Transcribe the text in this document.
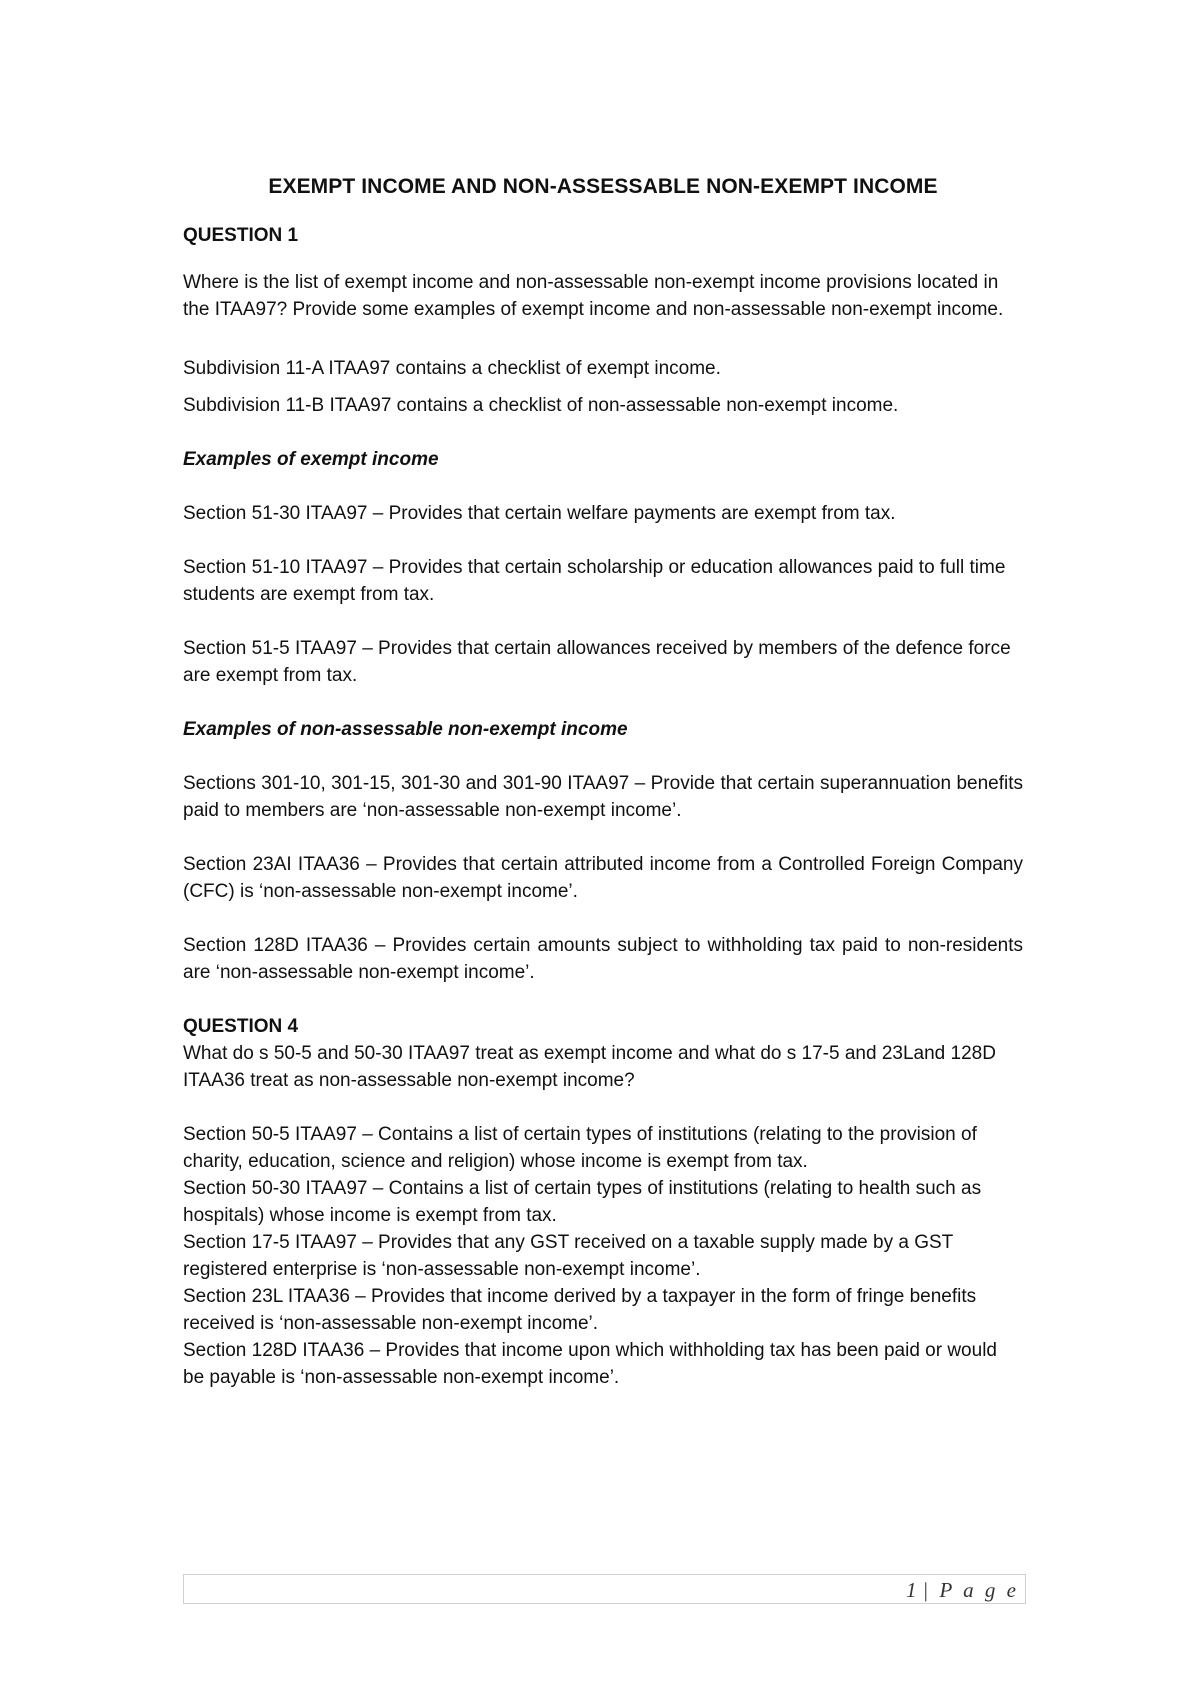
EXEMPT INCOME AND NON-ASSESSABLE NON-EXEMPT INCOME
QUESTION 1

Where is the list of exempt income and non-assessable non-exempt income provisions located in the ITAA97? Provide some examples of exempt income and non-assessable non-exempt income.

Subdivision 11-A ITAA97 contains a checklist of exempt income.

Subdivision 11-B ITAA97 contains a checklist of non-assessable non-exempt income.

Examples of exempt income

Section 51-30 ITAA97 – Provides that certain welfare payments are exempt from tax.

Section 51-10 ITAA97 – Provides that certain scholarship or education allowances paid to full time students are exempt from tax.

Section 51-5 ITAA97 – Provides that certain allowances received by members of the defence force are exempt from tax.

Examples of non-assessable non-exempt income

Sections 301-10, 301-15, 301-30 and 301-90 ITAA97 – Provide that certain superannuation benefits paid to members are ‘non-assessable non-exempt income’.

Section 23AI ITAA36 – Provides that certain attributed income from a Controlled Foreign Company (CFC) is ‘non-assessable non-exempt income’.

Section 128D ITAA36 – Provides certain amounts subject to withholding tax paid to non-residents are ‘non-assessable non-exempt income’.

QUESTION 4

What do s 50-5 and 50-30 ITAA97 treat as exempt income and what do s 17-5 and 23Land 128D ITAA36 treat as non-assessable non-exempt income?

Section 50-5 ITAA97 – Contains a list of certain types of institutions (relating to the provision of charity, education, science and religion) whose income is exempt from tax.

Section 50-30 ITAA97 – Contains a list of certain types of institutions (relating to health such as hospitals) whose income is exempt from tax.

Section 17-5 ITAA97 – Provides that any GST received on a taxable supply made by a GST registered enterprise is ‘non-assessable non-exempt income’.

Section 23L ITAA36 – Provides that income derived by a taxpayer in the form of fringe benefits received is ‘non-assessable non-exempt income’.

Section 128D ITAA36 – Provides that income upon which withholding tax has been paid or would be payable is ‘non-assessable non-exempt income’.

1 | P a g e
